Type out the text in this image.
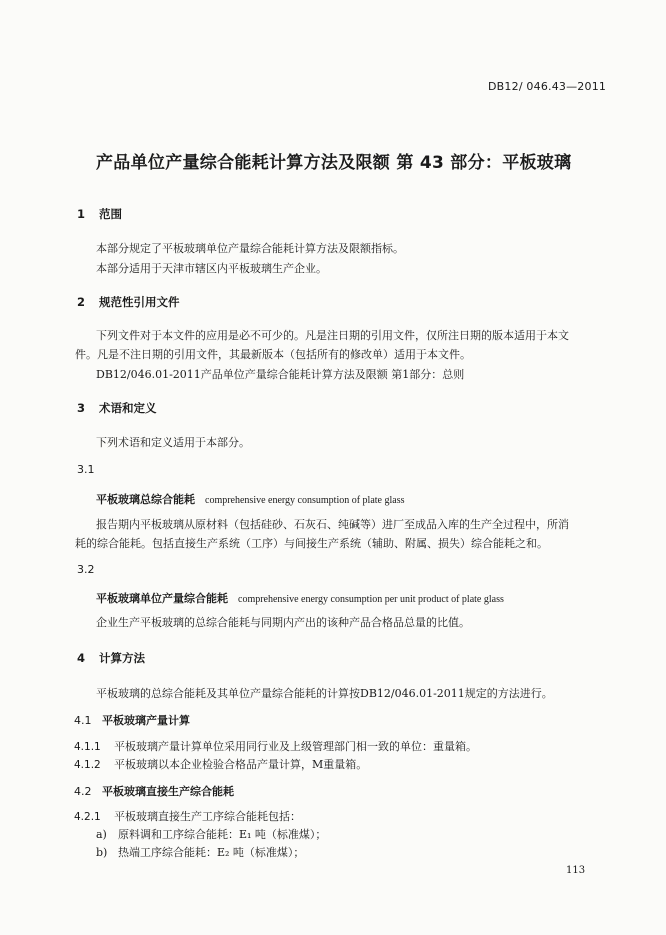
DB12/ 046.43—2011
产品单位产量综合能耗计算方法及限额 第 43 部分：平板玻璃
1 范围
本部分规定了平板玻璃单位产量综合能耗计算方法及限额指标。
本部分适用于天津市辖区内平板玻璃生产企业。
2 规范性引用文件
下列文件对于本文件的应用是必不可少的。凡是注日期的引用文件，仅所注日期的版本适用于本文
件。凡是不注日期的引用文件，其最新版本（包括所有的修改单）适用于本文件。
DB12/046.01-2011产品单位产量综合能耗计算方法及限额 第1部分：总则
3 术语和定义
下列术语和定义适用于本部分。
3.1
平板玻璃总综合能耗 comprehensive energy consumption of plate glass
报告期内平板玻璃从原材料（包括硅砂、石灰石、纯碱等）进厂至成品入库的生产全过程中，所消
耗的综合能耗。包括直接生产系统（工序）与间接生产系统（辅助、附属、损失）综合能耗之和。
3.2
平板玻璃单位产量综合能耗 comprehensive energy consumption per unit product of plate glass
企业生产平板玻璃的总综合能耗与同期内产出的该种产品合格品总量的比值。
4 计算方法
平板玻璃的总综合能耗及其单位产量综合能耗的计算按DB12/046.01-2011规定的方法进行。
4.1 平板玻璃产量计算
4.1.1 平板玻璃产量计算单位采用同行业及上级管理部门相一致的单位：重量箱。
4.1.2 平板玻璃以本企业检验合格品产量计算，M重量箱。
4.2 平板玻璃直接生产综合能耗
4.2.1 平板玻璃直接生产工序综合能耗包括：
a) 原料调和工序综合能耗：E₁ 吨（标准煤）；
b) 热端工序综合能耗：E₂ 吨（标准煤）；
113
